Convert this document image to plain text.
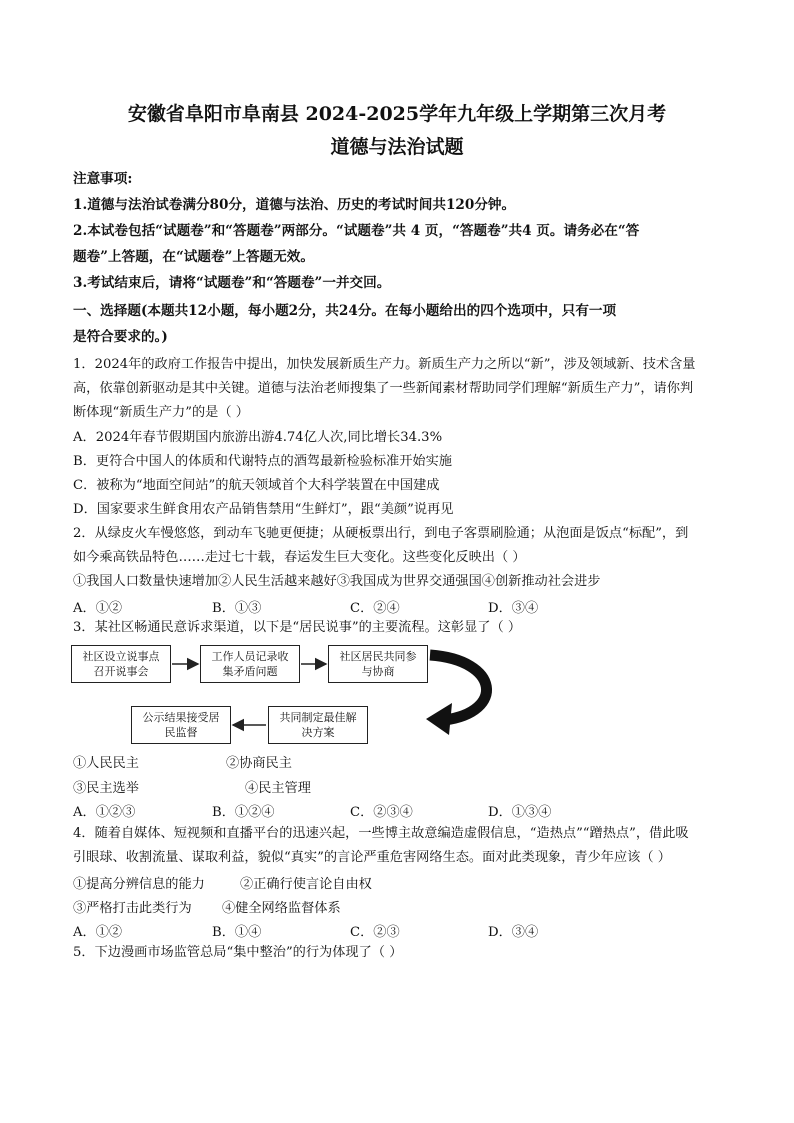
安徽省阜阳市阜南县 2024-2025学年九年级上学期第三次月考
道德与法治试题
注意事项:
1.道德与法治试卷满分80分，道德与法治、历史的考试时间共120分钟。
2.本试卷包括“试题卷”和“答题卷”两部分。“试题卷”共 4 页，“答题卷”共4 页。请务必在“答
题卷”上答题，在“试题卷”上答题无效。
3.考试结束后，请将“试题卷”和“答题卷”一并交回。
一、选择题(本题共12小题，每小题2分，共24分。在每小题给出的四个选项中，只有一项
是符合要求的。)
1．2024年的政府工作报告中提出，加快发展新质生产力。新质生产力之所以“新”，涉及领域新、技术含量
高，依靠创新驱动是其中关键。道德与法治老师搜集了一些新闻素材帮助同学们理解“新质生产力”，请你判
断体现“新质生产力”的是（ ）
A．2024年春节假期国内旅游出游4.74亿人次,同比增长34.3%
B．更符合中国人的体质和代谢特点的酒驾最新检验标准开始实施
C．被称为“地面空间站”的航天领域首个大科学装置在中国建成
D．国家要求生鲜食用农产品销售禁用“生鲜灯”，跟“美颜”说再见
2．从绿皮火车慢悠悠，到动车飞驰更便捷；从硬板票出行，到电子客票刷脸通；从泡面是饭点“标配”，到
如今乘高铁品特色……走过七十载，春运发生巨大变化。这些变化反映出（ ）
①我国人口数量快速增加②人民生活越来越好③我国成为世界交通强国④创新推动社会进步
A．①②	B．①③	C．②④	D．③④
3．某社区畅通民意诉求渠道，以下是“居民说事”的主要流程。这彰显了（ ）
社区设立说事点
召开说事会
工作人员记录收
集矛盾问题
社区居民共同参
与协商
共同制定最佳解
决方案
公示结果接受居
民监督
①人民民主	②协商民主
③民主选举	④民主管理
A．①②③	B．①②④	C．②③④	D．①③④
4．随着自媒体、短视频和直播平台的迅速兴起，一些博主故意编造虚假信息，“造热点”“蹭热点”，借此吸
引眼球、收割流量、谋取利益，貌似“真实”的言论严重危害网络生态。面对此类现象，青少年应该（ ）
①提高分辨信息的能力	②正确行使言论自由权
③严格打击此类行为 ④健全网络监督体系
A．①②	B．①④	C．②③	D．③④
5．下边漫画市场监管总局“集中整治”的行为体现了（ ）
